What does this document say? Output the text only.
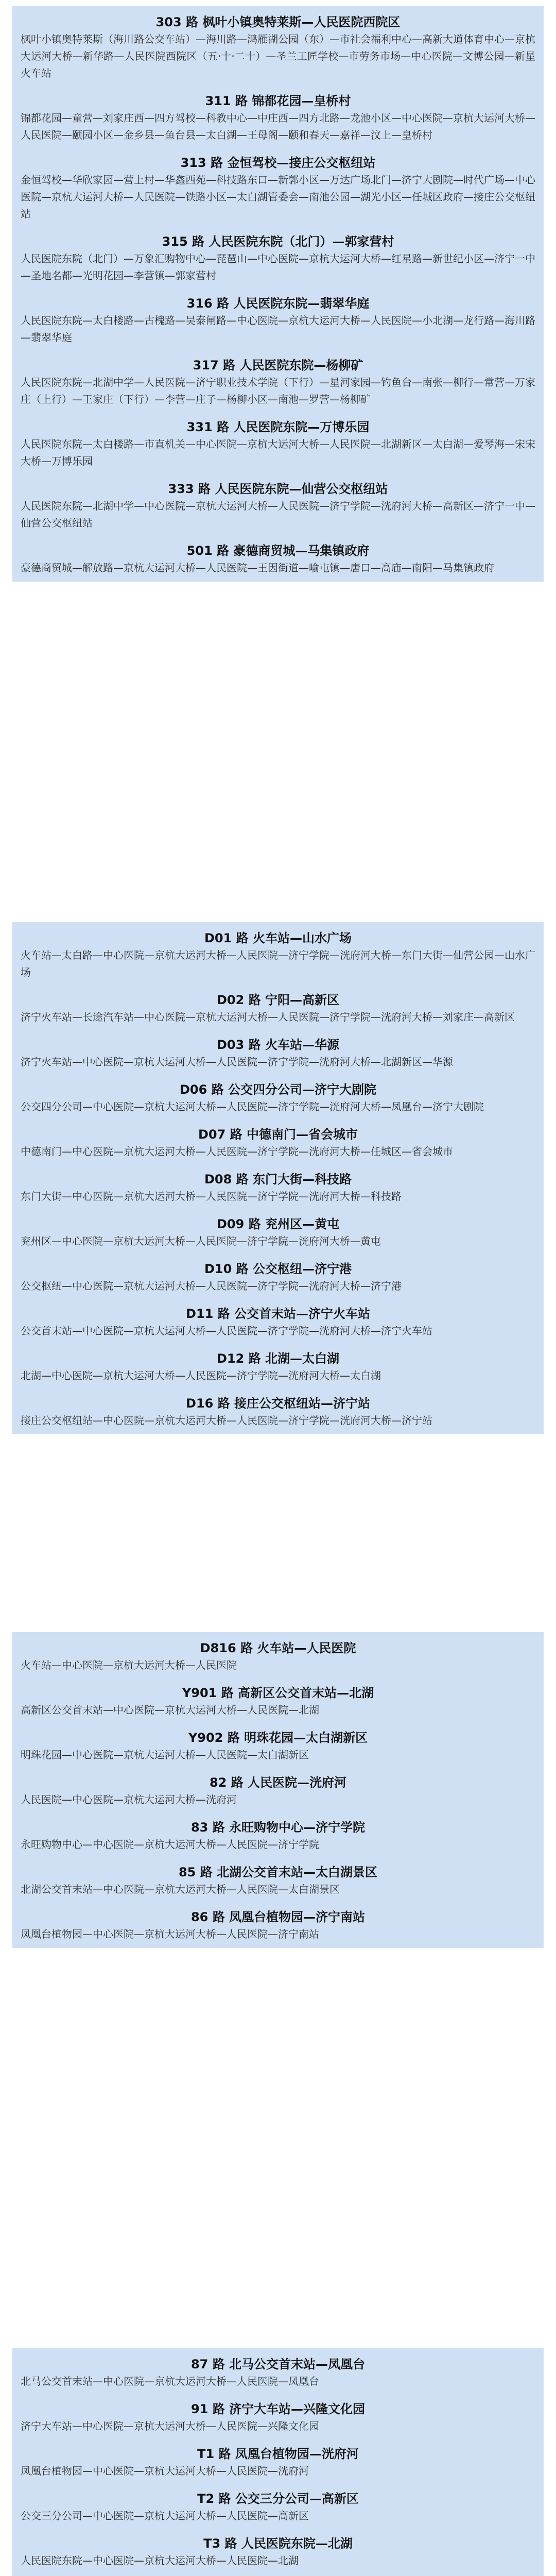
303 路 枫叶小镇奥特莱斯—人民医院西院区
枫叶小镇奥特莱斯（海川路公交车站）—海川路—鸿雁湖公园（东）—市社会福利中心—高新大道体育中心—京杭大运河大桥—新华路—人民医院西院区（五·十·二十）—圣兰工匠学校—市劳务市场—中心医院—文博公园—新星火车站
311 路 锦都花园—皇桥村
锦都花园—童营—刘家庄西—四方驾校—科教中心—中庄西—四方北路—龙池小区—中心医院—京杭大运河大桥—人民医院—颐园小区—金乡县—鱼台县—太白湖—王母阁—颐和春天—嘉祥—汶上—皇桥村
313 路 金恒驾校—接庄公交枢纽站
金恒驾校—华欣家园—营上村—华鑫西苑—科技路东口—新郭小区—万达广场北门—济宁大剧院—时代广场—中心医院—京杭大运河大桥—人民医院—铁路小区—太白湖管委会—南池公园—湖光小区—任城区政府—接庄公交枢纽站
315 路 人民医院东院（北门）—郭家营村
人民医院东院（北门）—万象汇购物中心—琵琶山—中心医院—京杭大运河大桥—红星路—新世纪小区—济宁一中—圣地名都—光明花园—李营镇—郭家营村
316 路 人民医院东院—翡翠华庭
人民医院东院—太白楼路—古槐路—吴泰闸路—中心医院—京杭大运河大桥—人民医院—小北湖—龙行路—海川路—翡翠华庭
317 路 人民医院东院—杨柳矿
人民医院东院—北湖中学—人民医院—济宁职业技术学院（下行）—星河家园—钓鱼台—南张—柳行—常营—万家庄（上行）—王家庄（下行）—李营—庄子—杨柳小区—南池—罗营—杨柳矿
331 路 人民医院东院—万博乐园
人民医院东院—太白楼路—市直机关—中心医院—京杭大运河大桥—人民医院—北湖新区—太白湖—爱琴海—宋宋大桥—万博乐园
333 路 人民医院东院—仙营公交枢纽站
人民医院东院—北湖中学—中心医院—京杭大运河大桥—人民医院—济宁学院—洸府河大桥—高新区—济宁一中—仙营公交枢纽站
501 路 豪德商贸城—马集镇政府
豪德商贸城—解放路—京杭大运河大桥—人民医院—王因街道—喻屯镇—唐口—高庙—南阳—马集镇政府
D01 路 火车站—山水广场
火车站—太白路—中心医院—京杭大运河大桥—人民医院—济宁学院—洸府河大桥—东门大街—仙营公园—山水广场
D02 路 宁阳—高新区
济宁火车站—长途汽车站—中心医院—京杭大运河大桥—人民医院—济宁学院—洸府河大桥—刘家庄—高新区
D03 路 火车站—华源
济宁火车站—中心医院—京杭大运河大桥—人民医院—济宁学院—洸府河大桥—北湖新区—华源
D06 路 公交四分公司—济宁大剧院
公交四分公司—中心医院—京杭大运河大桥—人民医院—济宁学院—洸府河大桥—凤凰台—济宁大剧院
D07 路 中德南门—省会城市
中德南门—中心医院—京杭大运河大桥—人民医院—济宁学院—洸府河大桥—任城区—省会城市
D08 路 东门大街—科技路
东门大街—中心医院—京杭大运河大桥—人民医院—济宁学院—洸府河大桥—科技路
D09 路 兖州区—黄屯
兖州区—中心医院—京杭大运河大桥—人民医院—济宁学院—洸府河大桥—黄屯
D10 路 公交枢纽—济宁港
公交枢纽—中心医院—京杭大运河大桥—人民医院—济宁学院—洸府河大桥—济宁港
D11 路 公交首末站—济宁火车站
公交首末站—中心医院—京杭大运河大桥—人民医院—济宁学院—洸府河大桥—济宁火车站
D12 路 北湖—太白湖
北湖—中心医院—京杭大运河大桥—人民医院—济宁学院—洸府河大桥—太白湖
D16 路 接庄公交枢纽站—济宁站
接庄公交枢纽站—中心医院—京杭大运河大桥—人民医院—济宁学院—洸府河大桥—济宁站
D816 路 火车站—人民医院
火车站—中心医院—京杭大运河大桥—人民医院
Y901 路 高新区公交首末站—北湖
高新区公交首末站—中心医院—京杭大运河大桥—人民医院—北湖
Y902 路 明珠花园—太白湖新区
明珠花园—中心医院—京杭大运河大桥—人民医院—太白湖新区
82 路 人民医院—洸府河
人民医院—中心医院—京杭大运河大桥—洸府河
83 路 永旺购物中心—济宁学院
永旺购物中心—中心医院—京杭大运河大桥—人民医院—济宁学院
85 路 北湖公交首末站—太白湖景区
北湖公交首末站—中心医院—京杭大运河大桥—人民医院—太白湖景区
86 路 凤凰台植物园—济宁南站
凤凰台植物园—中心医院—京杭大运河大桥—人民医院—济宁南站
87 路 北马公交首末站—凤凰台
北马公交首末站—中心医院—京杭大运河大桥—人民医院—凤凰台
91 路 济宁大车站—兴隆文化园
济宁大车站—中心医院—京杭大运河大桥—人民医院—兴隆文化园
T1 路 凤凰台植物园—洸府河
凤凰台植物园—中心医院—京杭大运河大桥—人民医院—洸府河
T2 路 公交三分公司—高新区
公交三分公司—中心医院—京杭大运河大桥—人民医院—高新区
T3 路 人民医院东院—北湖
人民医院东院—中心医院—京杭大运河大桥—人民医院—北湖
